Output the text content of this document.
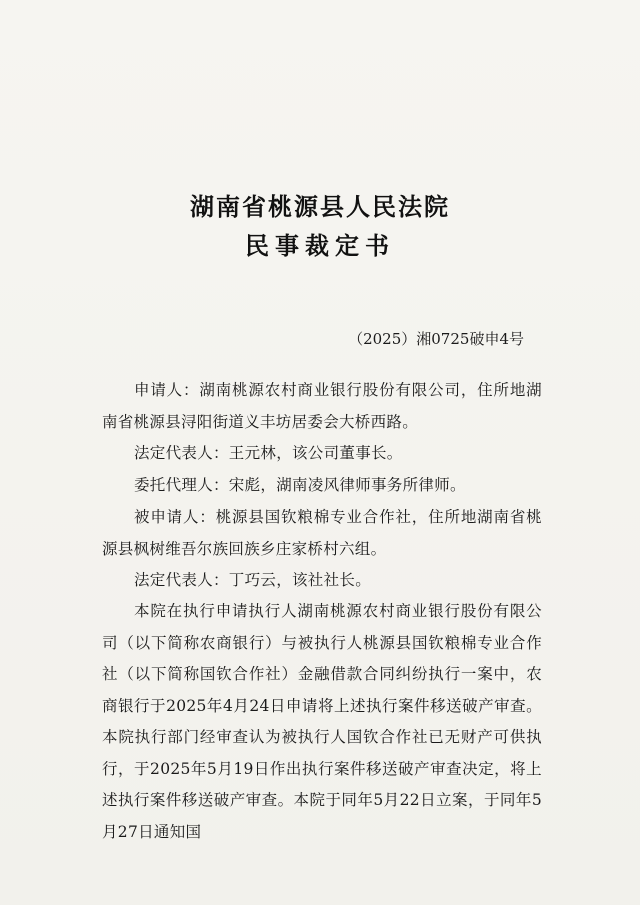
湖南省桃源县人民法院
民事裁定书
（2025）湘0725破申4号
申请人：湖南桃源农村商业银行股份有限公司，住所地湖南省桃源县浔阳街道义丰坊居委会大桥西路。
法定代表人：王元林，该公司董事长。
委托代理人：宋彪，湖南凌风律师事务所律师。
被申请人：桃源县国钦粮棉专业合作社，住所地湖南省桃源县枫树维吾尔族回族乡庄家桥村六组。
法定代表人：丁巧云，该社社长。
本院在执行申请执行人湖南桃源农村商业银行股份有限公司（以下简称农商银行）与被执行人桃源县国钦粮棉专业合作社（以下简称国钦合作社）金融借款合同纠纷执行一案中，农商银行于2025年4月24日申请将上述执行案件移送破产审查。本院执行部门经审查认为被执行人国钦合作社已无财产可供执行，于2025年5月19日作出执行案件移送破产审查决定，将上述执行案件移送破产审查。本院于同年5月22日立案，于同年5月27日通知国
